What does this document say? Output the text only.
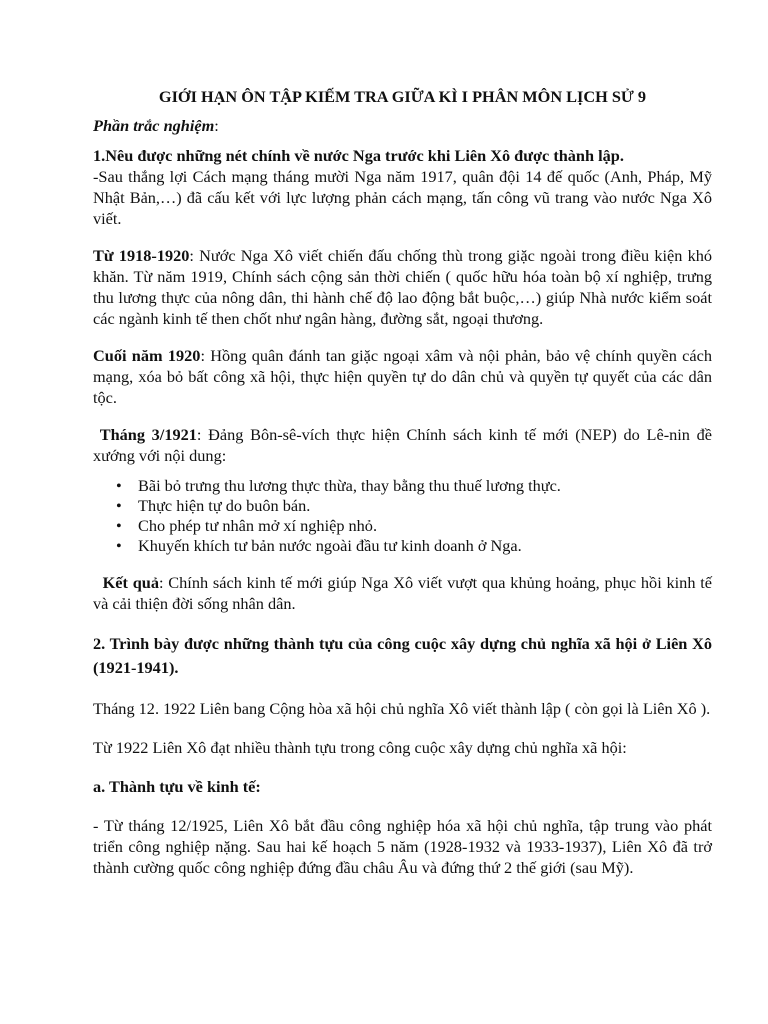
GIỚI HẠN ÔN TẬP KIẾM TRA GIỮA KÌ I PHÂN MÔN LỊCH SỬ 9
Phần trắc nghiệm:
1.Nêu được những nét chính về nước Nga trước khi Liên Xô được thành lập.
-Sau thắng lợi Cách mạng tháng mười Nga năm 1917, quân đội 14 đế quốc (Anh, Pháp, Mỹ Nhật Bản,…) đã cấu kết với lực lượng phản cách mạng, tấn công vũ trang vào nước Nga Xô viết.
Từ 1918-1920: Nước Nga Xô viết chiến đấu chống thù trong giặc ngoài trong điều kiện khó khăn. Từ năm 1919, Chính sách cộng sản thời chiến ( quốc hữu hóa toàn bộ xí nghiệp, trưng thu lương thực của nông dân, thi hành chế độ lao động bắt buộc,…) giúp Nhà nước kiểm soát các ngành kinh tế then chốt như ngân hàng, đường sắt, ngoại thương.
Cuối năm 1920: Hồng quân đánh tan giặc ngoại xâm và nội phản, bảo vệ chính quyền cách mạng, xóa bỏ bất công xã hội, thực hiện quyền tự do dân chủ và quyền tự quyết của các dân tộc.
Tháng 3/1921: Đảng Bôn-sê-vích thực hiện Chính sách kinh tế mới (NEP) do Lê-nin đề xướng với nội dung:
• Bãi bỏ trưng thu lương thực thừa, thay bằng thu thuế lương thực.
• Thực hiện tự do buôn bán.
• Cho phép tư nhân mở xí nghiệp nhỏ.
• Khuyến khích tư bản nước ngoài đầu tư kinh doanh ở Nga.
Kết quả: Chính sách kinh tế mới giúp Nga Xô viết vượt qua khủng hoảng, phục hồi kinh tế và cải thiện đời sống nhân dân.
2. Trình bày được những thành tựu của công cuộc xây dựng chủ nghĩa xã hội ở Liên Xô (1921-1941).
Tháng 12. 1922 Liên bang Cộng hòa xã hội chủ nghĩa Xô viết thành lập ( còn gọi là Liên Xô ).
Từ 1922 Liên Xô đạt nhiều thành tựu trong công cuộc xây dựng chủ nghĩa xã hội:
a. Thành tựu về kinh tế:
- Từ tháng 12/1925, Liên Xô bắt đầu công nghiệp hóa xã hội chủ nghĩa, tập trung vào phát triển công nghiệp nặng. Sau hai kế hoạch 5 năm (1928-1932 và 1933-1937), Liên Xô đã trở thành cường quốc công nghiệp đứng đầu châu Âu và đứng thứ 2 thế giới (sau Mỹ).
